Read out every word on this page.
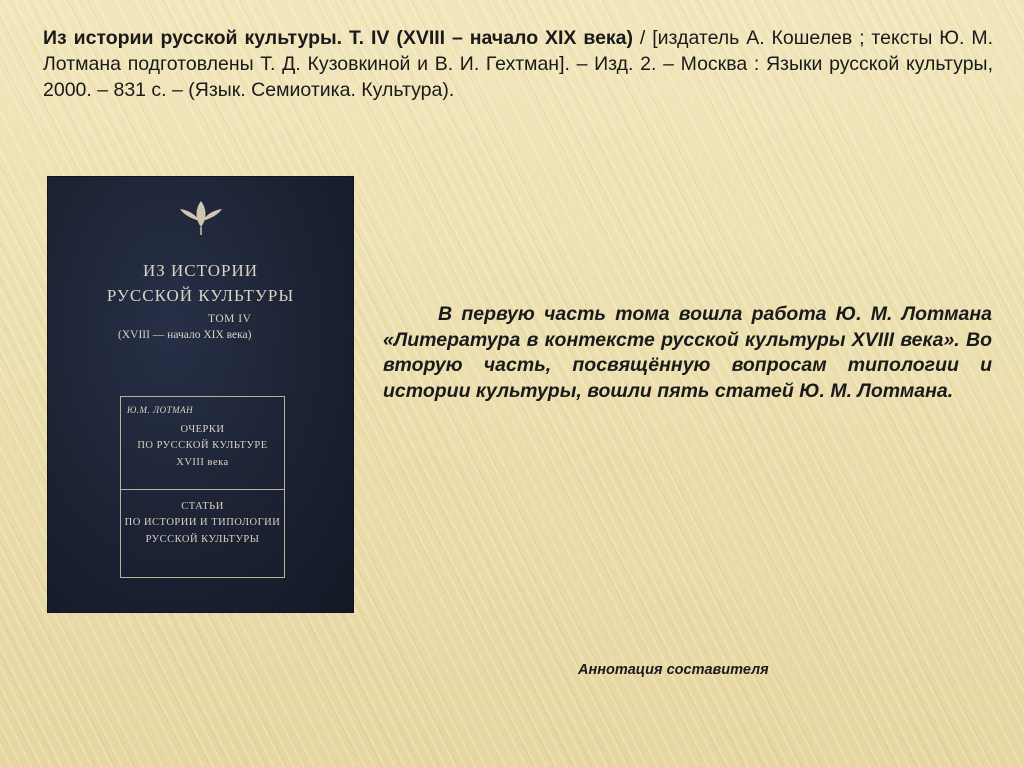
Из истории русской культуры. Т. IV (XVIII – начало XIX века) / [издатель А. Кошелев ; тексты Ю. М. Лотмана подготовлены Т. Д. Кузовкиной и В. И. Гехтман]. – Изд. 2. – Москва : Языки русской культуры, 2000. – 831 с. – (Язык. Семиотика. Культура).
ИЗ ИСТОРИИ
РУССКОЙ КУЛЬТУРЫ
ТОМ IV
(XVIII — начало XIX века)
Ю.М. ЛОТМАН
ОЧЕРКИ
ПО РУССКОЙ КУЛЬТУРЕ
XVIII века
СТАТЬИ
ПО ИСТОРИИ И ТИПОЛОГИИ
РУССКОЙ КУЛЬТУРЫ
В первую часть тома вошла работа Ю. М. Лотмана «Литература в контексте русской культуры XVIII века». Во вторую часть, посвящённую вопросам типологии и истории культуры, вошли пять статей Ю. М. Лотмана.
Аннотация составителя
